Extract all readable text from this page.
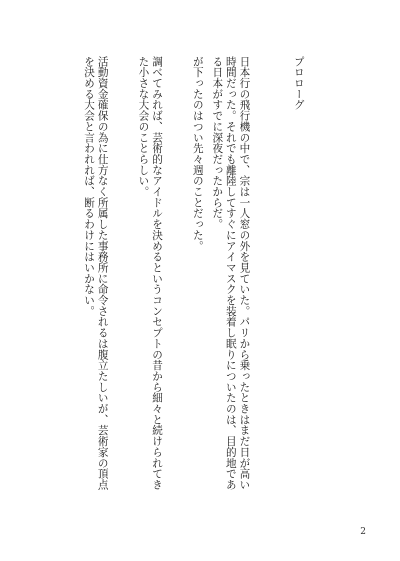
プロローグ

日本行の飛行機の中で、宗は一人窓の外を見ていた。パリから乗ったときはまだ日が高い時間だった。それでも離陸してすぐにアイマスクを装着し眠りについたのは、目的地である日本がすでに深夜だったからだ。

が下ったのはつい先々週のことだった。

調べてみれば、芸術的なアイドルを決めるというコンセプトの昔から細々と続けられてきた小さな大会のことらしい。

活動資金確保の為に仕方なく所属した事務所に命令されるは腹立たしいが、芸術家の頂点を決める大会と言われれば、断るわけにはいかない。

2
